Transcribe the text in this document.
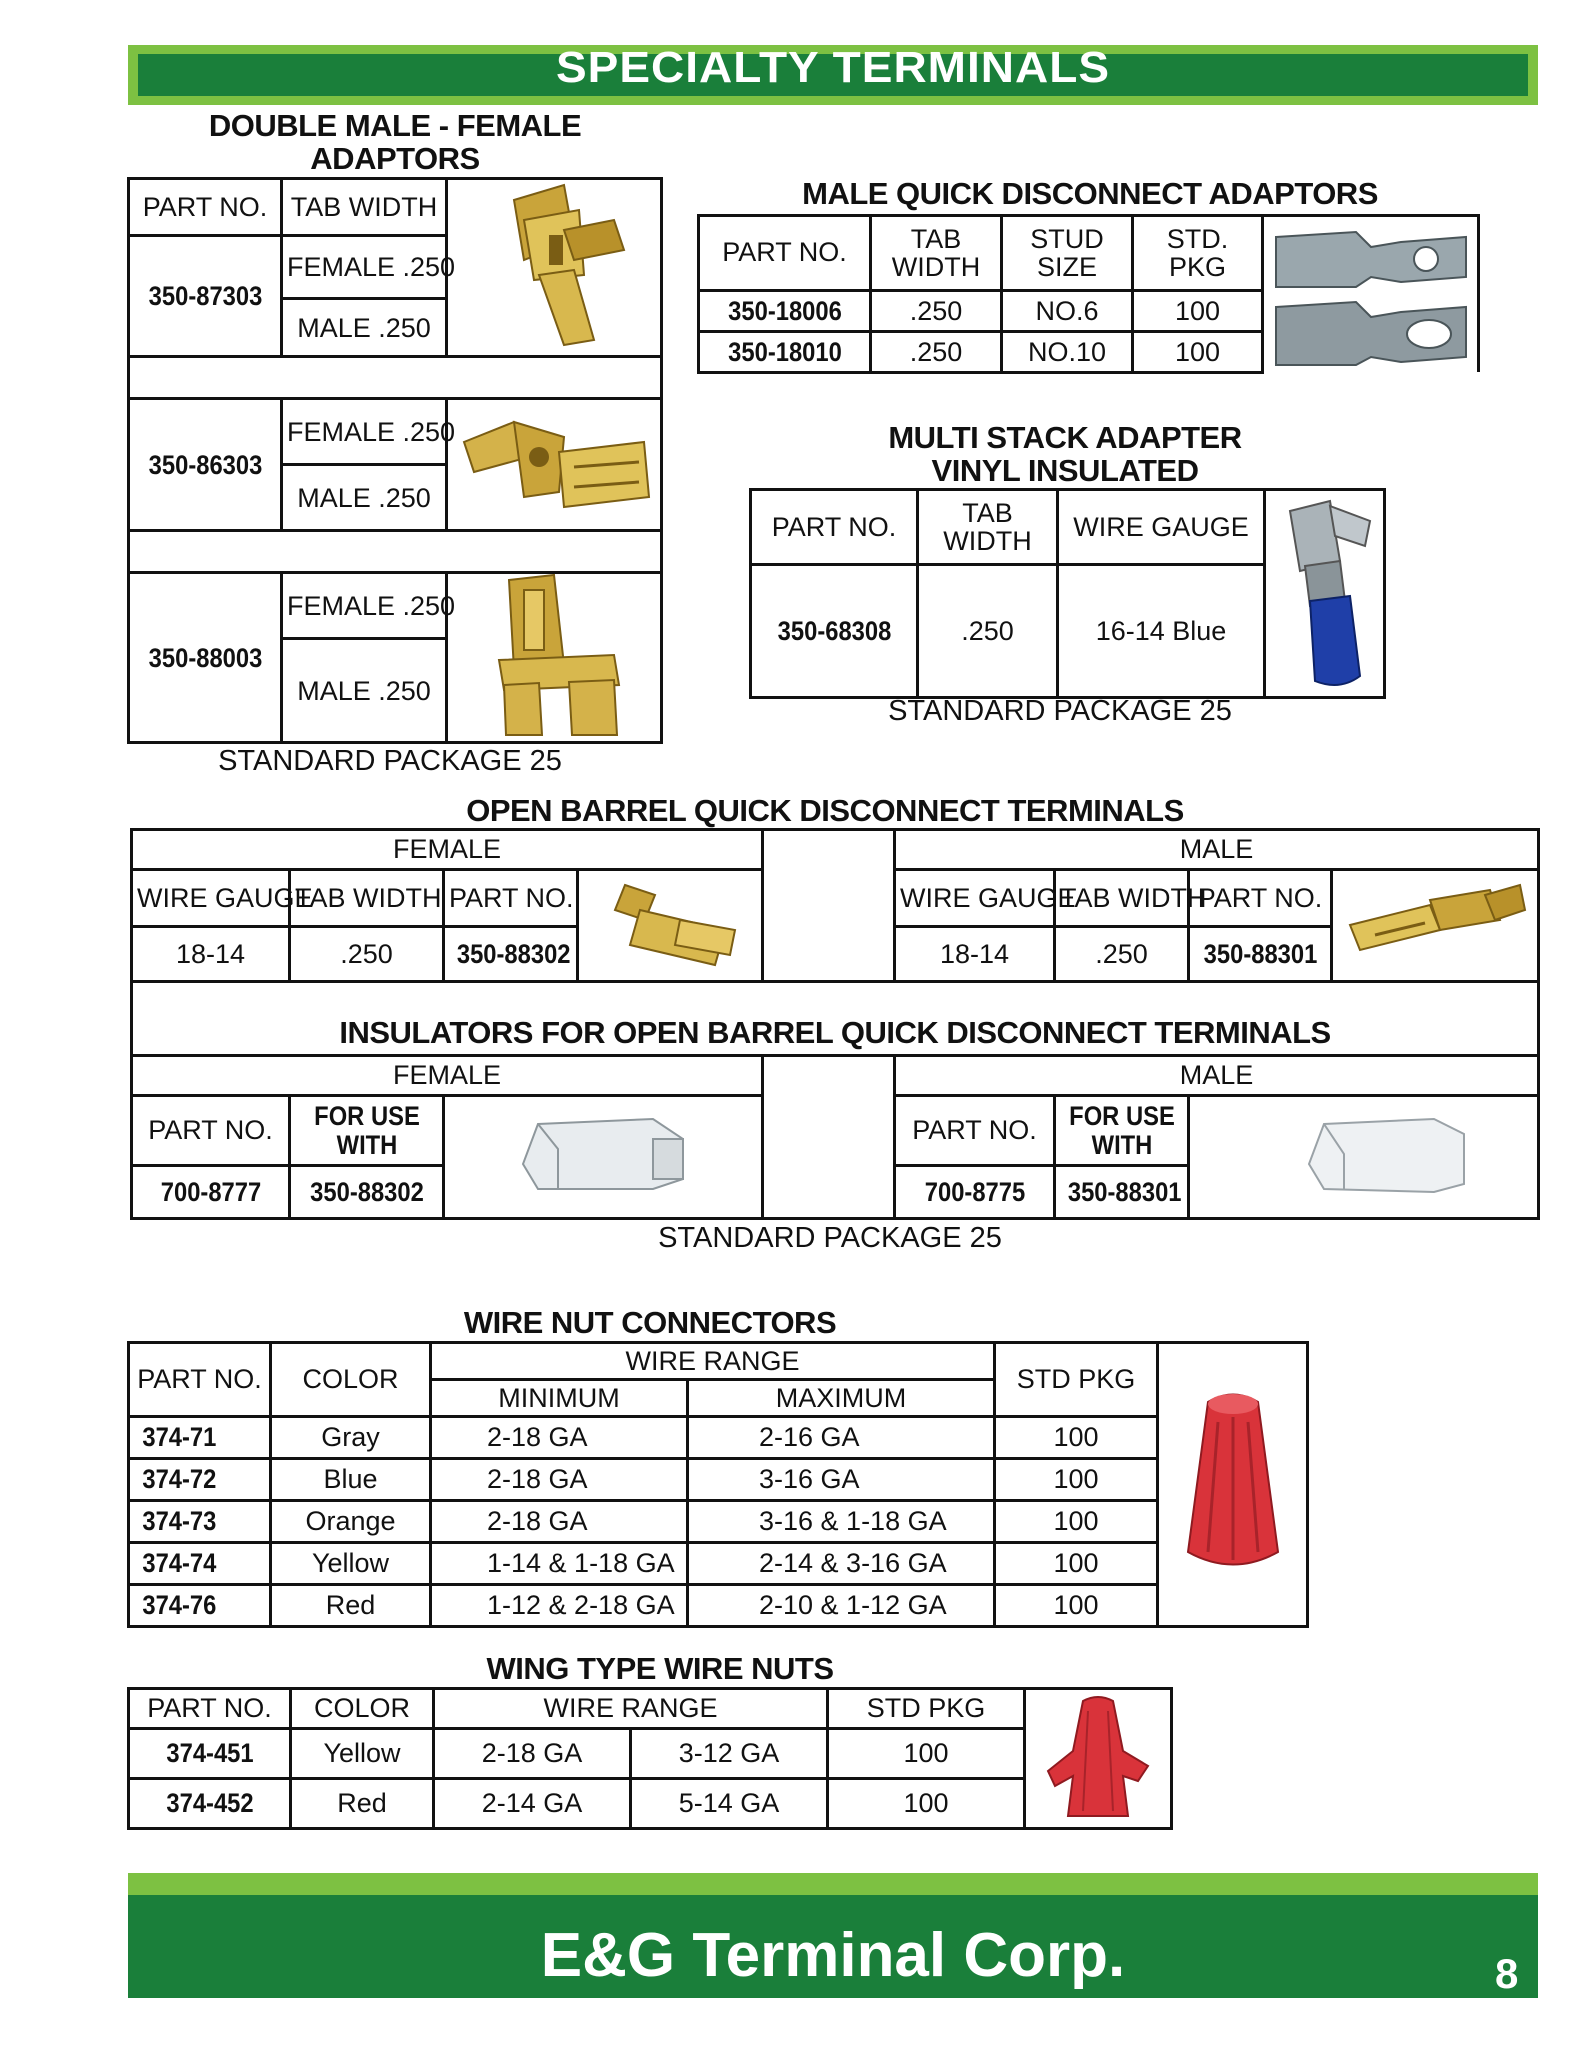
SPECIALTY TERMINALS
DOUBLE MALE - FEMALE
ADAPTORS
PART NO.	TAB WIDTH	
350-87303	FEMALE .250	
	MALE .250	

350-86303	FEMALE .250	
	MALE .250	

350-88003	FEMALE .250	
	MALE .250	
STANDARD PACKAGE 25
MALE QUICK DISCONNECT ADAPTORS
PART NO.	TAB WIDTH	STUD SIZE	STD. PKG	
350-18006	.250	NO.6	100	
350-18010	.250	NO.10	100	
MULTI STACK ADAPTER
VINYL INSULATED
PART NO.	TAB WIDTH	WIRE GAUGE	
350-68308	.250	16-14 Blue	
STANDARD PACKAGE 25
OPEN BARREL QUICK DISCONNECT TERMINALS
FEMALE					MALE			
WIRE GAUGE	TAB WIDTH	PART NO.			WIRE GAUGE	TAB WIDTH	PART NO.	
18-14	.250	350-88302			18-14	.250	350-88301	
INSULATORS FOR OPEN BARREL QUICK DISCONNECT TERMINALS								
FEMALE					MALE			
PART NO.	FOR USE WITH				PART NO.	FOR USE WITH	
700-8777	350-88302				700-8775	350-88301		
STANDARD PACKAGE 25
WIRE NUT CONNECTORS
PART NO.	COLOR	WIRE RANGE		STD PKG	
		MINIMUM	MAXIMUM		
374-71	Gray	2-18 GA	2-16 GA	100	
374-72	Blue	2-18 GA	3-16 GA	100	
374-73	Orange	2-18 GA	3-16 & 1-18 GA	100	
374-74	Yellow	1-14 & 1-18 GA	2-14 & 3-16 GA	100	
374-76	Red	1-12 & 2-18 GA	2-10 & 1-12 GA	100	
WING TYPE WIRE NUTS
PART NO.	COLOR	WIRE RANGE		STD PKG	
374-451	Yellow	2-18 GA	3-12 GA	100	
374-452	Red	2-14 GA	5-14 GA	100	
E&G Terminal Corp.	8
